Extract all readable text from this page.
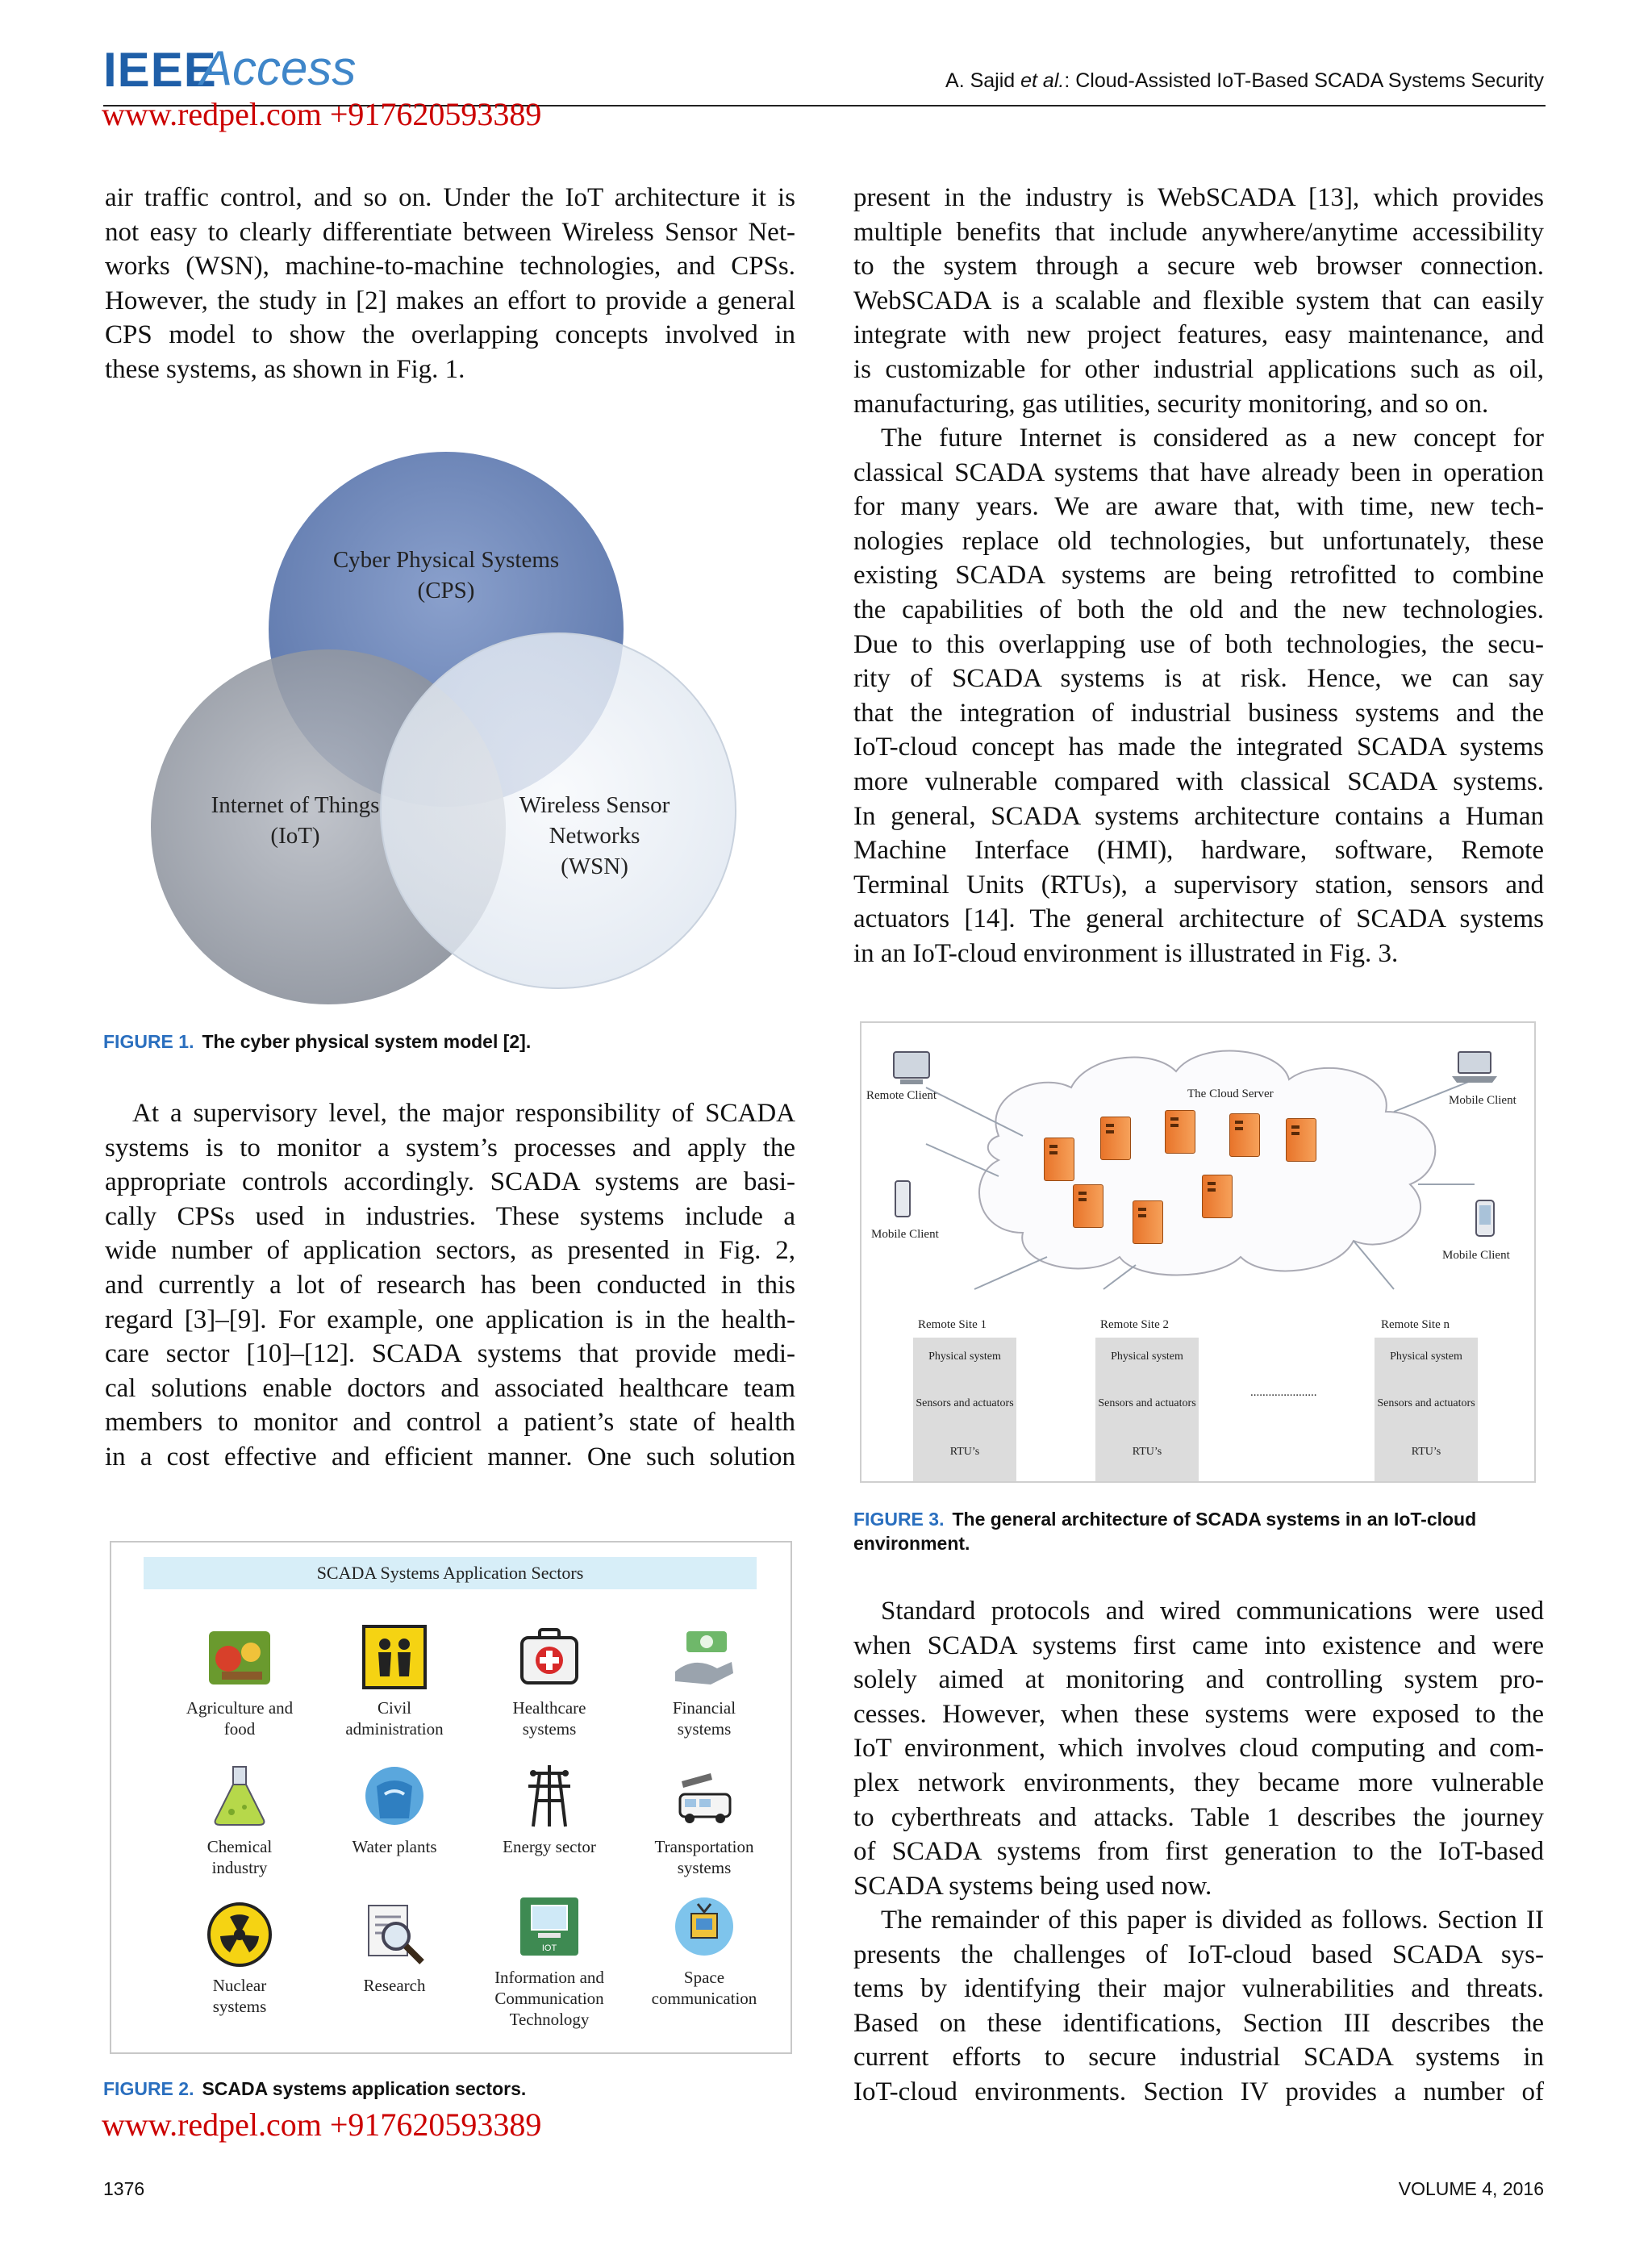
IEEE
Access	A. Sajid et al.: Cloud-Assisted IoT-Based SCADA Systems Security
www.redpel.com +917620593389
air traffic control, and so on. Under the IoT architecture it is
not easy to clearly differentiate between Wireless Sensor Net-
works (WSN), machine-to-machine technologies, and CPSs.
However, the study in [2] makes an effort to provide a general
CPS model to show the overlapping concepts involved in
these systems, as shown in Fig. 1.
Cyber Physical Systems
(CPS)
Internet of Things
(IoT)
Wireless Sensor
Networks
(WSN)
FIGURE 1. The cyber physical system model [2].
At a supervisory level, the major responsibility of SCADA
systems is to monitor a system’s processes and apply the
appropriate controls accordingly. SCADA systems are basi-
cally CPSs used in industries. These systems include a
wide number of application sectors, as presented in Fig. 2,
and currently a lot of research has been conducted in this
regard [3]–[9]. For example, one application is in the health-
care sector [10]–[12]. SCADA systems that provide medi-
cal solutions enable doctors and associated healthcare team
members to monitor and control a patient’s state of health
in a cost effective and efficient manner. One such solution
SCADA Systems Application Sectors
Agriculture and
food
Civil
administration
Healthcare
systems
Financial
systems
Chemical
industry
Water plants	Energy sector	Transportation
systems
Nuclear
systems
Research
IOT
Information and
Communication
Technology
Space
communication
FIGURE 2. SCADA systems application sectors.
www.redpel.com +917620593389
present in the industry is WebSCADA [13], which provides
multiple benefits that include anywhere/anytime accessibility
to the system through a secure web browser connection.
WebSCADA is a scalable and flexible system that can easily
integrate with new project features, easy maintenance, and
is customizable for other industrial applications such as oil,
manufacturing, gas utilities, security monitoring, and so on.
The future Internet is considered as a new concept for
classical SCADA systems that have already been in operation
for many years. We are aware that, with time, new tech-
nologies replace old technologies, but unfortunately, these
existing SCADA systems are being retrofitted to combine
the capabilities of both the old and the new technologies.
Due to this overlapping use of both technologies, the secu-
rity of SCADA systems is at risk. Hence, we can say
that the integration of industrial business systems and the
IoT-cloud concept has made the integrated SCADA systems
more vulnerable compared with classical SCADA systems.
In general, SCADA systems architecture contains a Human
Machine Interface (HMI), hardware, software, Remote
Terminal Units (RTUs), a supervisory station, sensors and
actuators [14]. The general architecture of SCADA systems
in an IoT-cloud environment is illustrated in Fig. 3.
Remote Client	The Cloud Server	Mobile Client
Mobile Client
Mobile Client
Remote Site 1	Remote Site 2	Remote Site n
Physical system
Sensors and actuators
RTU’s
Physical system
Sensors and actuators
RTU’s
......................
Physical system
Sensors and actuators
RTU’s
FIGURE 3. The general architecture of SCADA systems in an IoT-cloud
environment.
Standard protocols and wired communications were used
when SCADA systems first came into existence and were
solely aimed at monitoring and controlling system pro-
cesses. However, when these systems were exposed to the
IoT environment, which involves cloud computing and com-
plex network environments, they became more vulnerable
to cyberthreats and attacks. Table 1 describes the journey
of SCADA systems from first generation to the IoT-based
SCADA systems being used now.
The remainder of this paper is divided as follows. Section II
presents the challenges of IoT-cloud based SCADA sys-
tems by identifying their major vulnerabilities and threats.
Based on these identifications, Section III describes the
current efforts to secure industrial SCADA systems in
IoT-cloud environments. Section IV provides a number of
1376	VOLUME 4, 2016
